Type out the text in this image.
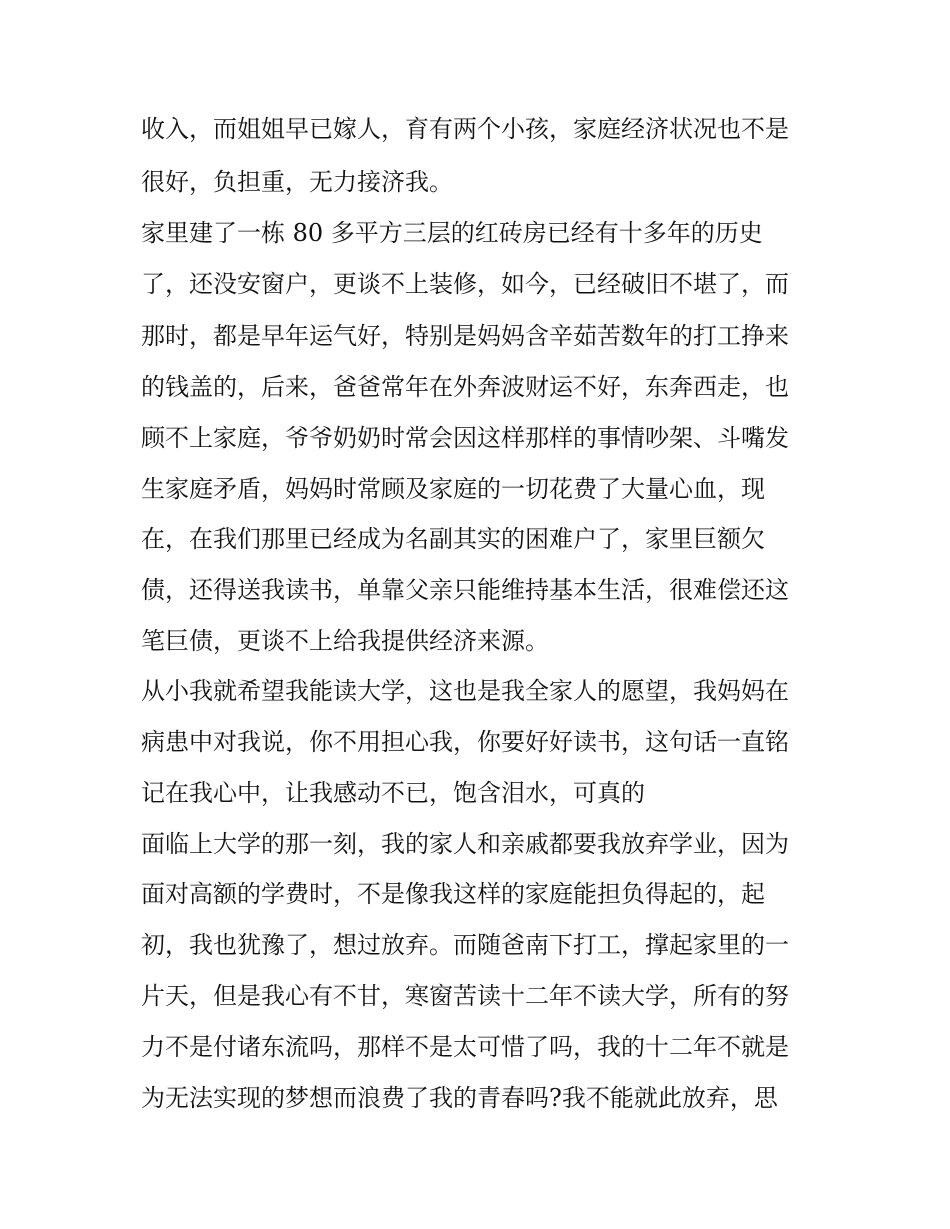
收入，而姐姐早已嫁人，育有两个小孩，家庭经济状况也不是
很好，负担重，无力接济我。
家里建了一栋 80 多平方三层的红砖房已经有十多年的历史
了，还没安窗户，更谈不上装修，如今，已经破旧不堪了，而
那时，都是早年运气好，特别是妈妈含辛茹苦数年的打工挣来
的钱盖的，后来，爸爸常年在外奔波财运不好，东奔西走，也
顾不上家庭，爷爷奶奶时常会因这样那样的事情吵架、斗嘴发
生家庭矛盾，妈妈时常顾及家庭的一切花费了大量心血，现
在，在我们那里已经成为名副其实的困难户了，家里巨额欠
债，还得送我读书，单靠父亲只能维持基本生活，很难偿还这
笔巨债，更谈不上给我提供经济来源。
从小我就希望我能读大学，这也是我全家人的愿望，我妈妈在
病患中对我说，你不用担心我，你要好好读书，这句话一直铭
记在我心中，让我感动不已，饱含泪水，可真的
面临上大学的那一刻，我的家人和亲戚都要我放弃学业，因为
面对高额的学费时，不是像我这样的家庭能担负得起的，起
初，我也犹豫了，想过放弃。而随爸南下打工，撑起家里的一
片天，但是我心有不甘，寒窗苦读十二年不读大学，所有的努
力不是付诸东流吗，那样不是太可惜了吗，我的十二年不就是
为无法实现的梦想而浪费了我的青春吗?我不能就此放弃，思
